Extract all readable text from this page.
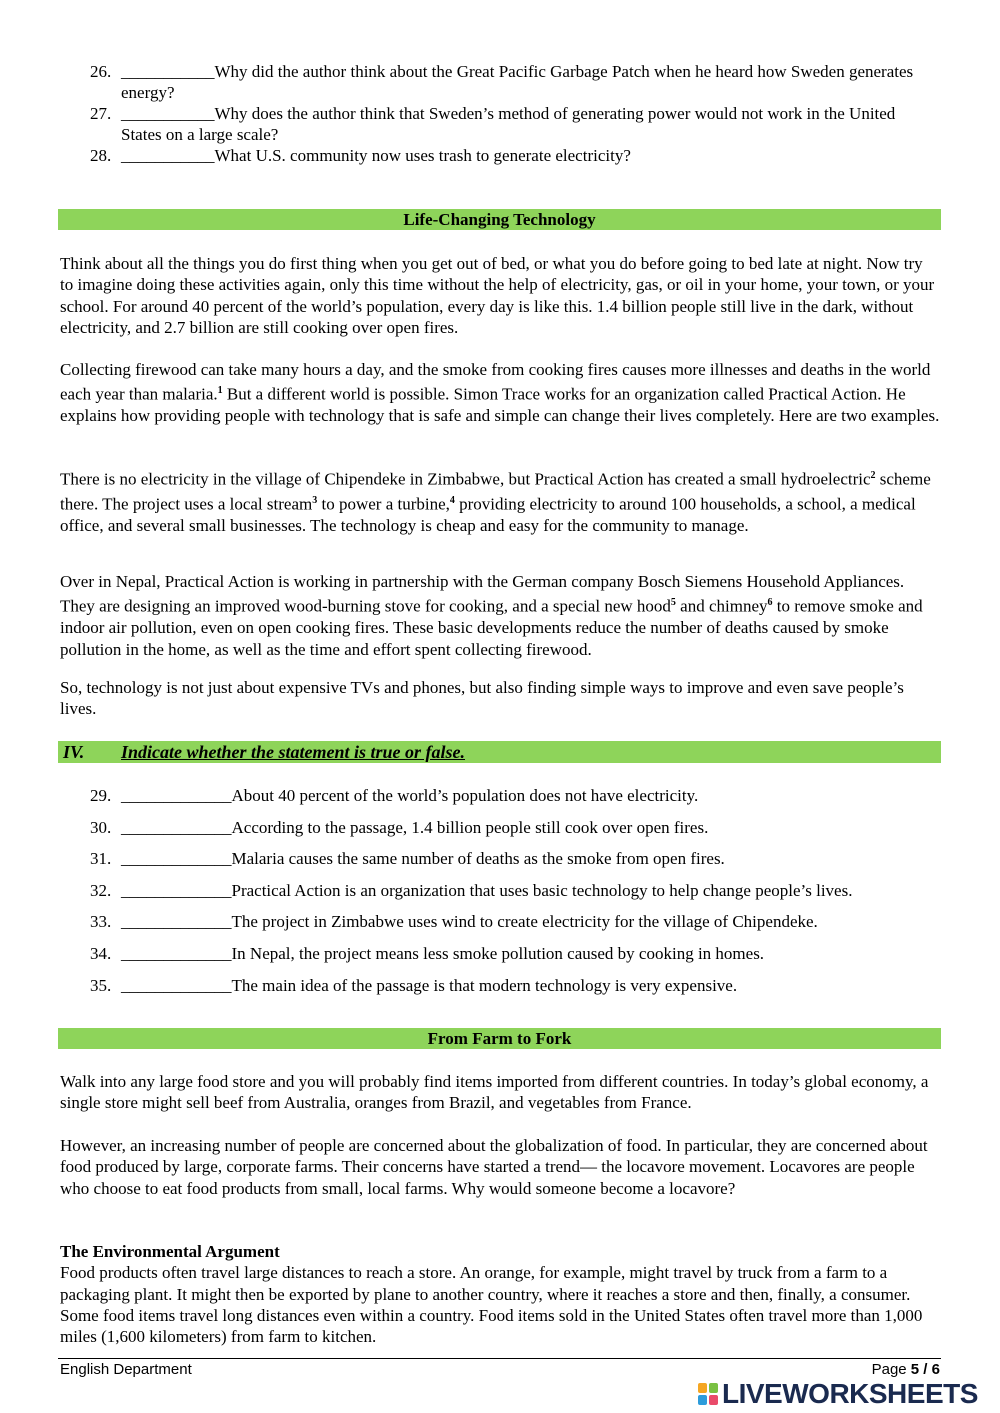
26. ___________Why did the author think about the Great Pacific Garbage Patch when he heard how Sweden generates energy?
27. ___________Why does the author think that Sweden’s method of generating power would not work in the United States on a large scale?
28. ___________What U.S. community now uses trash to generate electricity?
Life-Changing Technology

Think about all the things you do first thing when you get out of bed, or what you do before going to bed late at night. Now try to imagine doing these activities again, only this time without the help of electricity, gas, or oil in your home, your town, or your school. For around 40 percent of the world’s population, every day is like this. 1.4 billion people still live in the dark, without electricity, and 2.7 billion are still cooking over open fires.

Collecting firewood can take many hours a day, and the smoke from cooking fires causes more illnesses and deaths in the world each year than malaria.$^1$ But a different world is possible. Simon Trace works for an organization called Practical Action. He explains how providing people with technology that is safe and simple can change their lives completely. Here are two examples.

There is no electricity in the village of Chipendeke in Zimbabwe, but Practical Action has created a small hydroelectric$^2$ scheme there. The project uses a local stream$^3$ to power a turbine,$^4$ providing electricity to around 100 households, a school, a medical office, and several small businesses. The technology is cheap and easy for the community to manage.

Over in Nepal, Practical Action is working in partnership with the German company Bosch Siemens Household Appliances. They are designing an improved wood-burning stove for cooking, and a special new hood$^5$ and chimney$^6$ to remove smoke and indoor air pollution, even on open cooking fires. These basic developments reduce the number of deaths caused by smoke pollution in the home, as well as the time and effort spent collecting firewood.

So, technology is not just about expensive TVs and phones, but also finding simple ways to improve and even save people’s lives.

IV. Indicate whether the statement is true or false.
29. _____________About 40 percent of the world’s population does not have electricity.
30. _____________According to the passage, 1.4 billion people still cook over open fires.
31. _____________Malaria causes the same number of deaths as the smoke from open fires.
32. _____________Practical Action is an organization that uses basic technology to help change people’s lives.
33. _____________The project in Zimbabwe uses wind to create electricity for the village of Chipendeke.
34. _____________In Nepal, the project means less smoke pollution caused by cooking in homes.
35. _____________The main idea of the passage is that modern technology is very expensive.
From Farm to Fork

Walk into any large food store and you will probably find items imported from different countries. In today’s global economy, a single store might sell beef from Australia, oranges from Brazil, and vegetables from France.

However, an increasing number of people are concerned about the globalization of food. In particular, they are concerned about food produced by large, corporate farms. Their concerns have started a trend— the locavore movement. Locavores are people who choose to eat food products from small, local farms. Why would someone become a locavore?

The Environmental Argument
Food products often travel large distances to reach a store. An orange, for example, might travel by truck from a farm to a packaging plant. It might then be exported by plane to another country, where it reaches a store and then, finally, a consumer. Some food items travel long distances even within a country. Food items sold in the United States often travel more than 1,000 miles (1,600 kilometers) from farm to kitchen.

English Department	Page 5 / 6
LIVEWORKSHEETS
